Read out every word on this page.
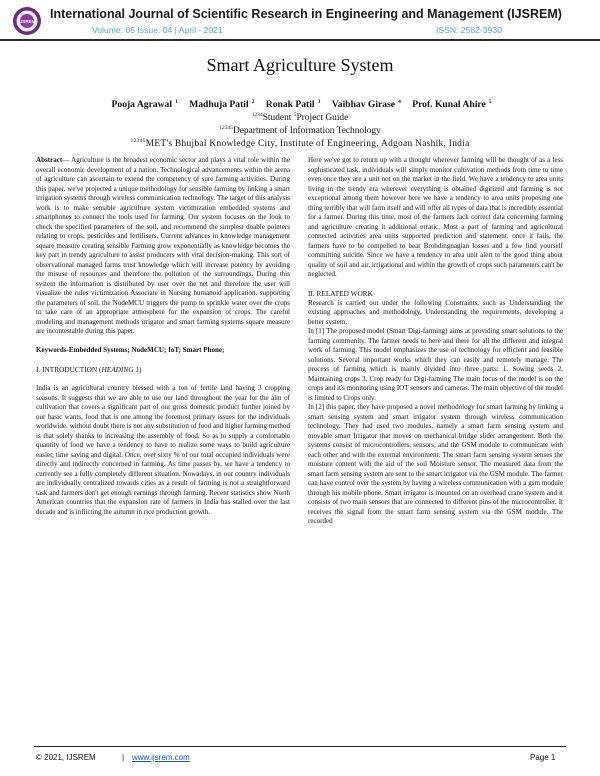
IJSREM
International Journal of Scientific Research in Engineering and Management (IJSREM)
Volume: 05 Issue: 04 | April - 2021	ISSN: 2582-3930
Smart Agriculture System
Pooja Agrawal $^1$ Madhuja Patil $^2$ Ronak Patil $^3$ Vaibhav Girase $^4$ Prof. Kunal Ahire $^5$
$^{1234}$Student $^5$Project Guide
$^{12345}$Department of Information Technology
$^{12345}$MET's Bhujbal Knowledge City, Institute of Engineering, Adgoan Nashik, India

Abstract— Agriculture is the broadest economic sector and plays a vital role within the overall economic development of a nation. Technological advancements within the arena of agriculture can ascertain to extend the competency of sure farming activities. During this paper, we've projected a unique methodology for sensible farming by linking a smart irrigation systems through wireless communication technology. The target of this analysis work is to make sensible agriculture system victimization embedded systems and smartphones to connect the tools used for farming. Our system focuses on the look to check the specified parameters of the soil, and recommend the simplest doable pointers relating to crops, pesticides and fertilisers. Current advances in knowledge management square measure creating sensible Farming grow exponentially as knowledge becomes the key part in trendy agriculture to assist producers with vital decision-making. This sort of observational managed farms trust knowledge which will increase potency by avoiding the misuse of resources and therefore the pollution of the surroundings. During this system the information is distributed by user over the net and therefore the user will visualize the rules victimization Associate in Nursing humanoid application. supporting the parameters of soil, the NodeMCU triggers the pump to sprinkle water over the crops to take care of an appropriate atmosphere for the expansion of crops. The careful modeling and management methods irrigator and smart farming systems square measure are incontestable during this paper.

Keywords-Embedded Systems; NodeMCU; IoT; Smart Phone;

I. INTRODUCTION (HEADING 1)

India is an agricultural country blessed with a ton of fertile land having 3 cropping seasons. It suggests that we are able to use our land throughout the year for the aim of cultivation that covers a significant part of our gross domestic product further joined by our basic wants, food that is one among the foremost primary issues for the individuals worldwide. without doubt there is not any substitution of food and higher farming method is that solely thanks to increasing the assembly of food. So as to supply a comfortable quantity of food we have a tendency to have to realize some ways to build agriculture easier, time saving and digital. Once, over sixty % of our total occupied individuals were directly and indirectly concerned in farming. As time passes by, we have a tendency to currently see a fully completely different situation. Nowadays, in our country individuals are individually centralized towards cities as a result of farming is not a straightforward task and farmers don't get enough earnings through farming. Recent statistics show North American countries that the expansion rate of farmers in India has stalled over the last decade and is inflicting the autumn in rice production growth.

Here we've got to return up with a thought wherever farming will be thought of as a less sophisticated task. individuals will simply monitor cultivation methods from time to time even once they are a unit not on the market in the field. We have a tendency to area units living in the trendy era wherever everything is obtained digitized and farming is not exceptional among them however here we have a tendency to area units proposing one thing terribly that will farm itself and will offer all types of data that is incredibly essential for a farmer. During this time, most of the farmers lack correct data concerning farming and agriculture creating it additional erratic. Most a part of farming and agricultural connected activities area units supported prediction and statement. once it fails, the farmers have to be compelled to bear Brobdingnagian losses and a few find yourself committing suicide. Since we have a tendency to area unit alert to the good thing about quality of soil and air, irrigational and within the growth of crops such parameters can't be neglected.

II. RELATED WORK

Research is carried out under the following Constraints, such as Understanding the existing approaches and methodology, Understanding the requirements, developing a better system.

In [1] The proposed model (Smart Digi-farming) aims at providing smart solutions to the farming community. The farmer needs to here and there for all the different and integral work of farming. This model emphasizes the use of technology for efficient and feasible solutions. Several important works which they can easily and remotely manage. The process of farming which is mainly divided into three parts: 1. Sowing seeds 2. Maintaining crops 3. Crop ready for Digi-farming The main focus of the model is on the crops and it's monitoring using IOT sensors and cameras. The main objective of the model is limited to Crops only.

In [2] this paper, they have proposed a novel methodology for smart farming by linking a smart sensing system and smart irrigator system through wireless communication technology. They had used two modules, namely a smart farm sensing system and movable smart Irrigator that moves on mechanical bridge slider arrangement. Both the systems consist of microcontrollers, sensors, and the GSM module to communicate with each other and with the external environment. The smart farm sensing system senses the moisture content with the aid of the soil Moisture sensor. The measured data from the smart farm sensing system are sent to the smart irrigator via the GSM module. The farmer can have control over the system by having a wireless communication with a gsm module through his mobile phone. Smart irrigator is mounted on an overhead crane system and it consists of two main sensors that are connected to different pins of the microcontroller. It receives the signal from the smart farm sensing system via the GSM module. The recorded

© 2021, IJSREM	| www.ijsrem.com	Page 1
